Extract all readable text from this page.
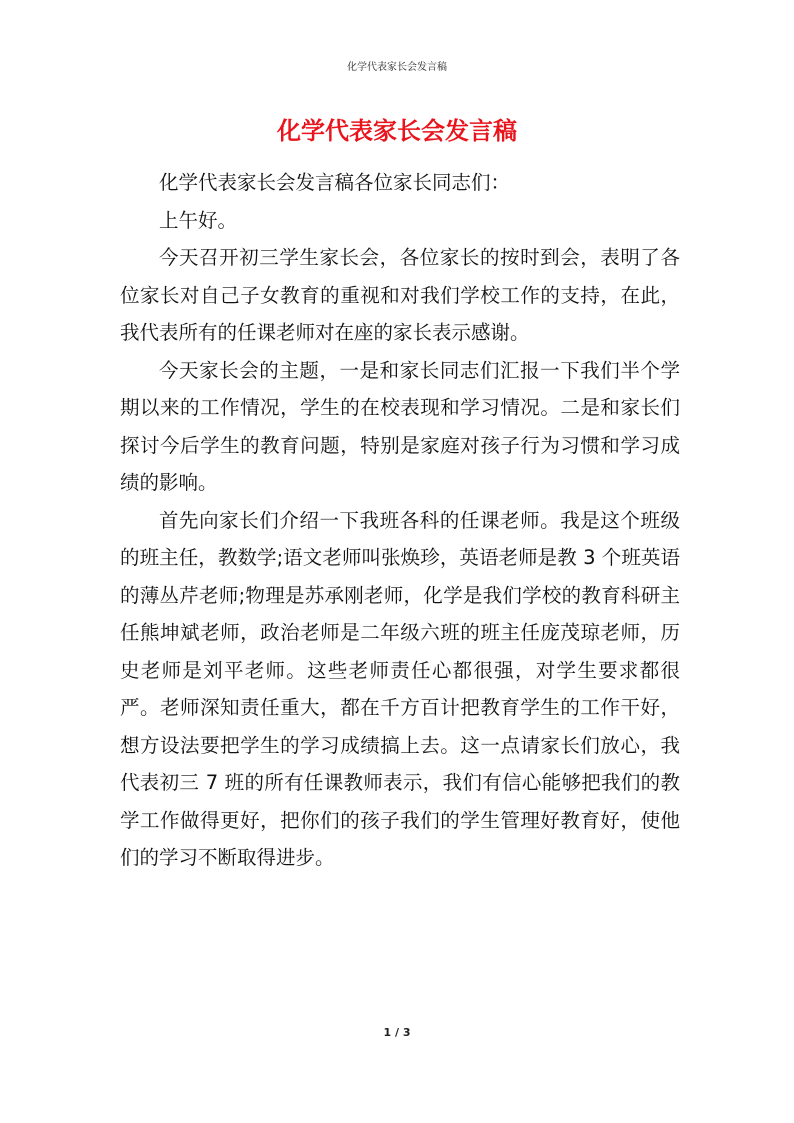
化学代表家长会发言稿
化学代表家长会发言稿

化学代表家长会发言稿各位家长同志们：

上午好。

今天召开初三学生家长会，各位家长的按时到会，表明了各位家长对自己子女教育的重视和对我们学校工作的支持，在此，我代表所有的任课老师对在座的家长表示感谢。

今天家长会的主题，一是和家长同志们汇报一下我们半个学期以来的工作情况，学生的在校表现和学习情况。二是和家长们探讨今后学生的教育问题，特别是家庭对孩子行为习惯和学习成绩的影响。

首先向家长们介绍一下我班各科的任课老师。我是这个班级的班主任，教数学;语文老师叫张焕珍，英语老师是教 3 个班英语的薄丛芹老师;物理是苏承刚老师，化学是我们学校的教育科研主任熊坤斌老师，政治老师是二年级六班的班主任庞茂琼老师，历史老师是刘平老师。这些老师责任心都很强，对学生要求都很严。老师深知责任重大，都在千方百计把教育学生的工作干好，想方设法要把学生的学习成绩搞上去。这一点请家长们放心，我代表初三 7 班的所有任课教师表示，我们有信心能够把我们的教学工作做得更好，把你们的孩子我们的学生管理好教育好，使他们的学习不断取得进步。

1 / 3
